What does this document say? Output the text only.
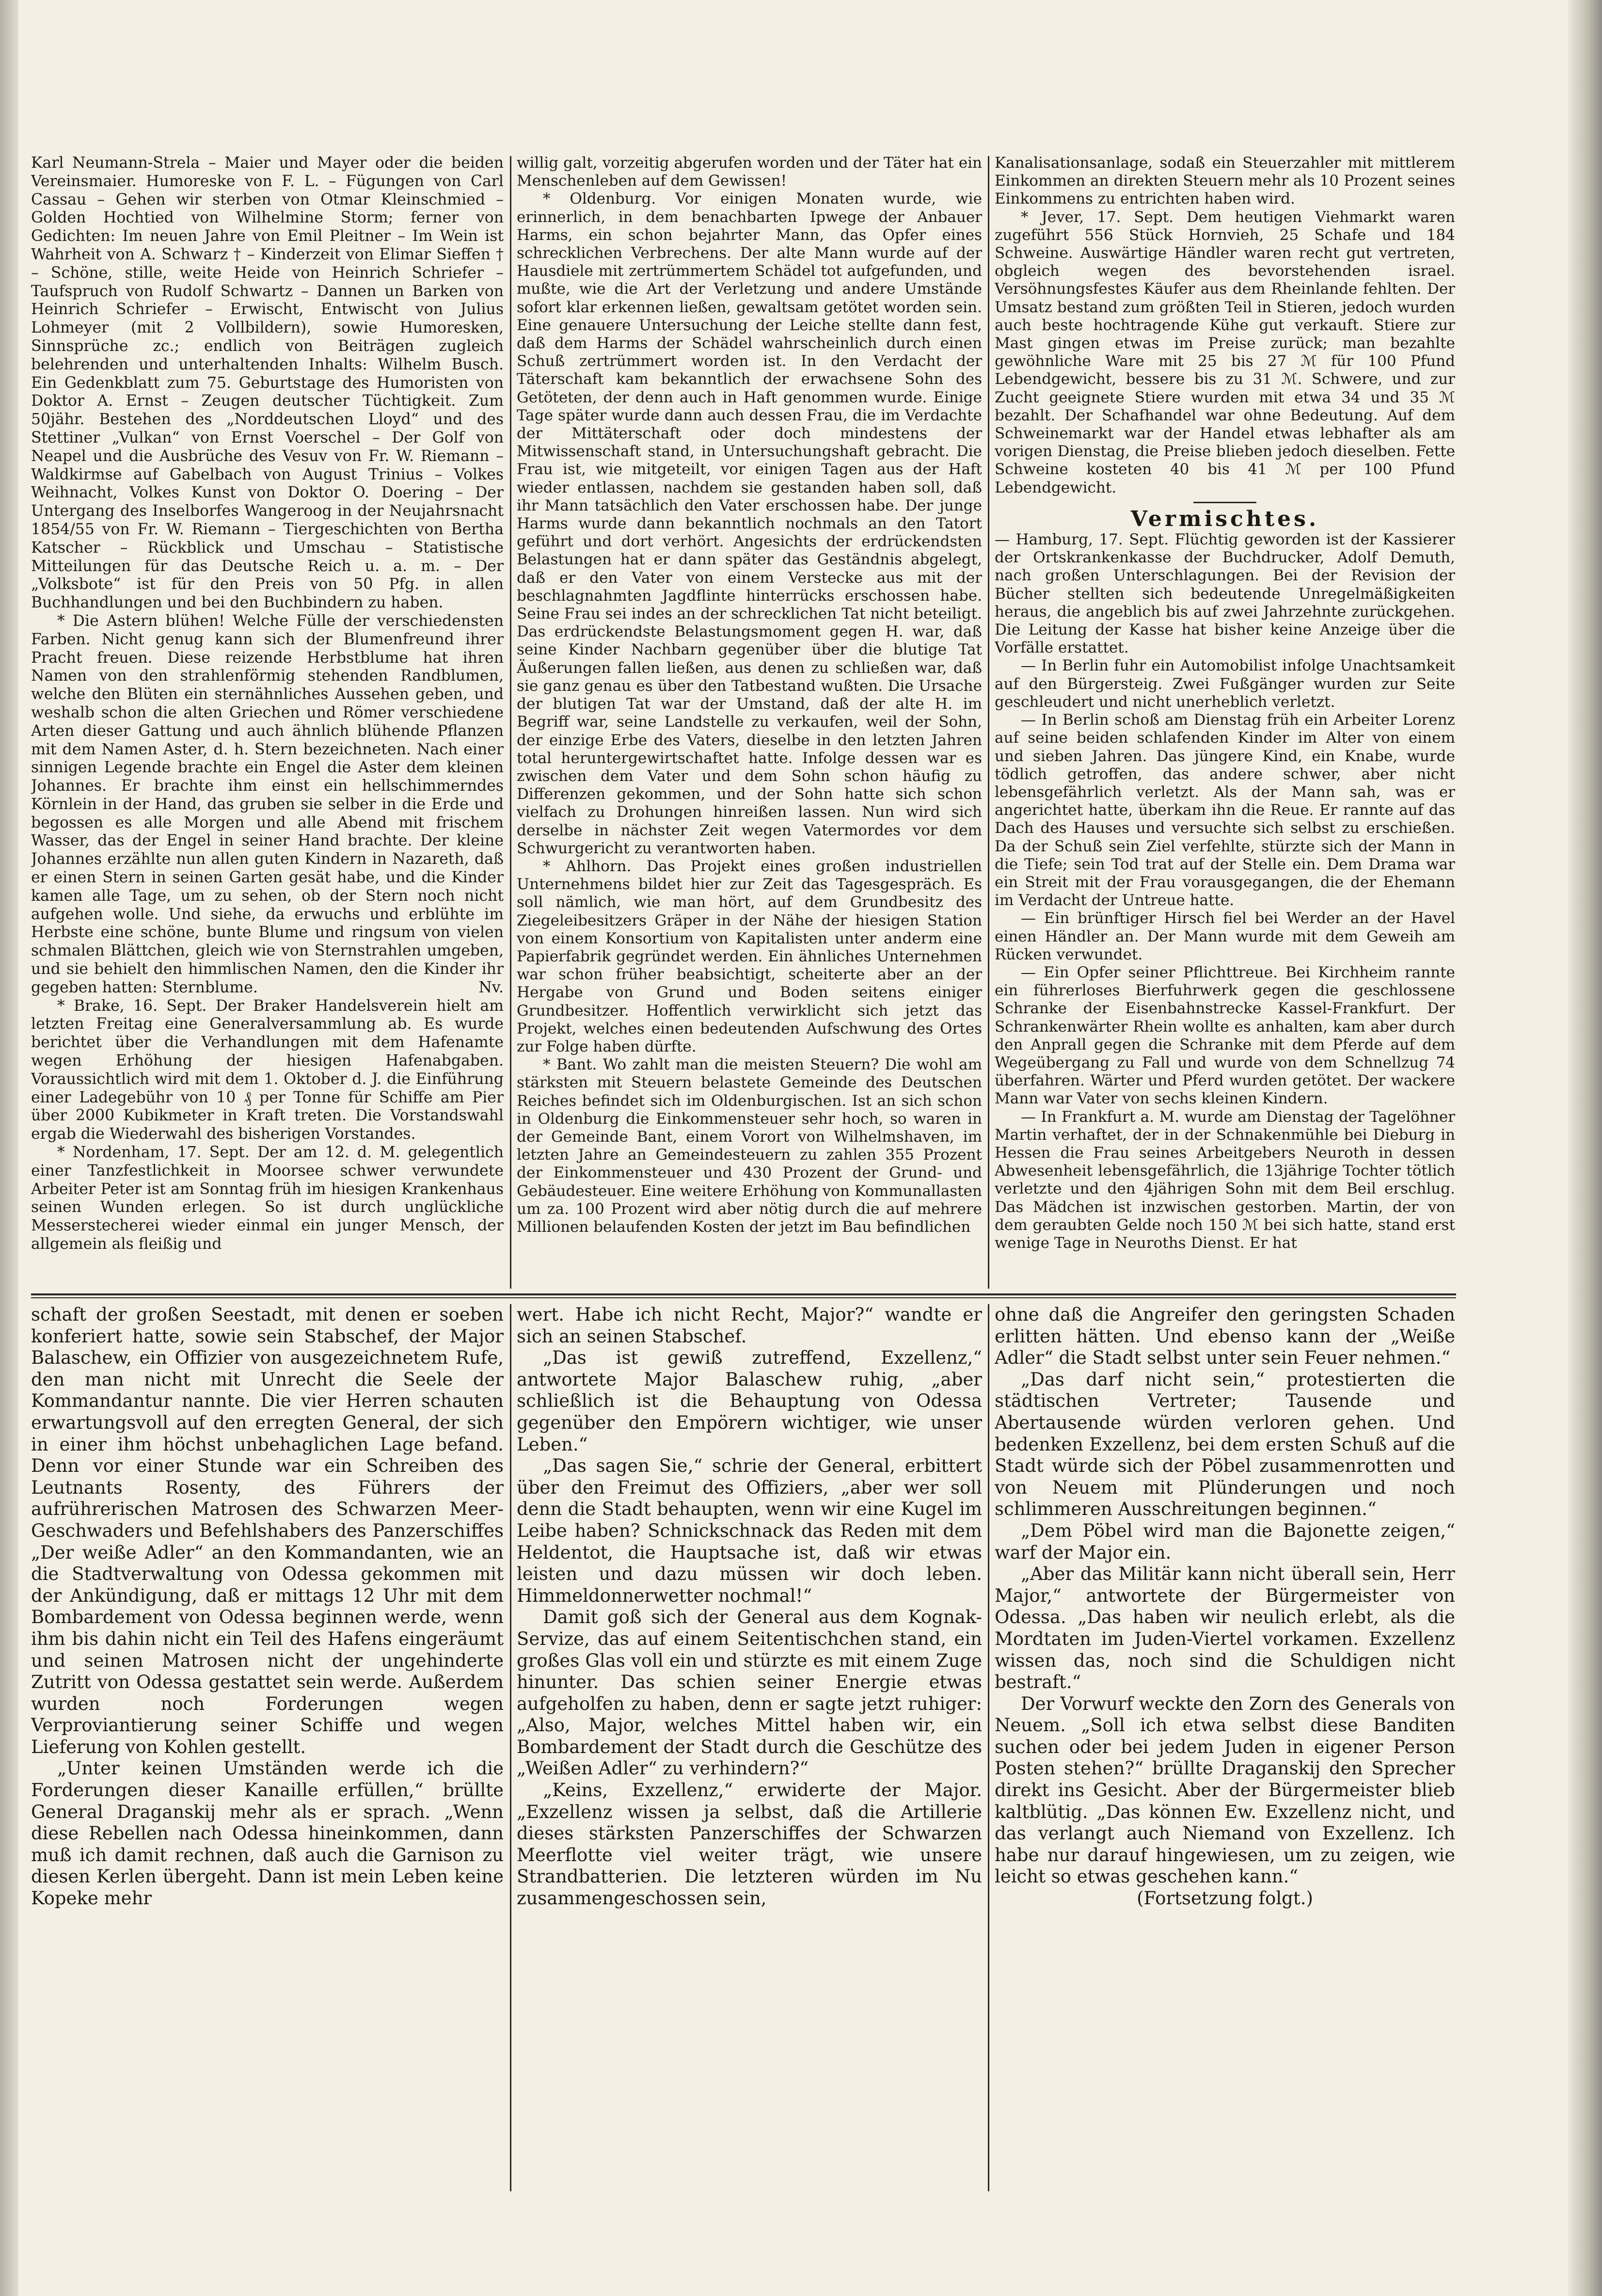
Karl Neumann-Strela – Maier und Mayer oder die beiden Vereinsmaier. Humoreske von F. L. – Fügungen von Carl Cassau – Gehen wir sterben von Otmar Kleinschmied – Golden Hochtied von Wilhelmine Storm; ferner von Gedichten: Im neuen Jahre von Emil Pleitner – Im Wein ist Wahrheit von A. Schwarz † – Kinderzeit von Elimar Sieffen † – Schöne, stille, weite Heide von Heinrich Schriefer – Taufspruch von Rudolf Schwartz – Dannen un Barken von Heinrich Schriefer – Erwischt, Entwischt von Julius Lohmeyer (mit 2 Vollbildern), sowie Humoresken, Sinnsprüche zc.; endlich von Beiträgen zugleich belehrenden und unterhaltenden Inhalts: Wilhelm Busch. Ein Gedenkblatt zum 75. Geburtstage des Humoristen von Doktor A. Ernst – Zeugen deutscher Tüchtigkeit. Zum 50jähr. Bestehen des „Norddeutschen Lloyd“ und des Stettiner „Vulkan“ von Ernst Voerschel – Der Golf von Neapel und die Ausbrüche des Vesuv von Fr. W. Riemann – Waldkirmse auf Gabelbach von August Trinius – Volkes Weihnacht, Volkes Kunst von Doktor O. Doering – Der Untergang des Inselborfes Wangeroog in der Neujahrsnacht 1854/55 von Fr. W. Riemann – Tiergeschichten von Bertha Katscher – Rückblick und Umschau – Statistische Mitteilungen für das Deutsche Reich u. a. m. – Der „Volksbote“ ist für den Preis von 50 Pfg. in allen Buchhandlungen und bei den Buchbindern zu haben.

* Die Astern blühen! Welche Fülle der verschiedensten Farben. Nicht genug kann sich der Blumenfreund ihrer Pracht freuen. Diese reizende Herbstblume hat ihren Namen von den strahlenförmig stehenden Randblumen, welche den Blüten ein sternähnliches Aussehen geben, und weshalb schon die alten Griechen und Römer verschiedene Arten dieser Gattung und auch ähnlich blühende Pflanzen mit dem Namen Aster, d. h. Stern bezeichneten. Nach einer sinnigen Legende brachte ein Engel die Aster dem kleinen Johannes. Er brachte ihm einst ein hellschimmerndes Körnlein in der Hand, das gruben sie selber in die Erde und begossen es alle Morgen und alle Abend mit frischem Wasser, das der Engel in seiner Hand brachte. Der kleine Johannes erzählte nun allen guten Kindern in Nazareth, daß er einen Stern in seinen Garten gesät habe, und die Kinder kamen alle Tage, um zu sehen, ob der Stern noch nicht aufgehen wolle. Und siehe, da erwuchs und erblühte im Herbste eine schöne, bunte Blume und ringsum von vielen schmalen Blättchen, gleich wie von Sternstrahlen umgeben, und sie behielt den himmlischen Namen, den die Kinder ihr gegeben hatten: Sternblume.	Nv.

* Brake, 16. Sept. Der Braker Handelsverein hielt am letzten Freitag eine Generalversammlung ab. Es wurde berichtet über die Verhandlungen mit dem Hafenamte wegen Erhöhung der hiesigen Hafenabgaben. Voraussichtlich wird mit dem 1. Oktober d. J. die Einführung einer Ladegebühr von 10 ₰ per Tonne für Schiffe am Pier über 2000 Kubikmeter in Kraft treten. Die Vorstandswahl ergab die Wiederwahl des bisherigen Vorstandes.

* Nordenham, 17. Sept. Der am 12. d. M. gelegentlich einer Tanzfestlichkeit in Moorsee schwer verwundete Arbeiter Peter ist am Sonntag früh im hiesigen Krankenhaus seinen Wunden erlegen. So ist durch unglückliche Messerstecherei wieder einmal ein junger Mensch, der allgemein als fleißig und

willig galt, vorzeitig abgerufen worden und der Täter hat ein Menschenleben auf dem Gewissen!

* Oldenburg. Vor einigen Monaten wurde, wie erinnerlich, in dem benachbarten Ipwege der Anbauer Harms, ein schon bejahrter Mann, das Opfer eines schrecklichen Verbrechens. Der alte Mann wurde auf der Hausdiele mit zertrümmertem Schädel tot aufgefunden, und mußte, wie die Art der Verletzung und andere Umstände sofort klar erkennen ließen, gewaltsam getötet worden sein. Eine genauere Untersuchung der Leiche stellte dann fest, daß dem Harms der Schädel wahrscheinlich durch einen Schuß zertrümmert worden ist. In den Verdacht der Täterschaft kam bekanntlich der erwachsene Sohn des Getöteten, der denn auch in Haft genommen wurde. Einige Tage später wurde dann auch dessen Frau, die im Verdachte der Mittäterschaft oder doch mindestens der Mitwissenschaft stand, in Untersuchungshaft gebracht. Die Frau ist, wie mitgeteilt, vor einigen Tagen aus der Haft wieder entlassen, nachdem sie gestanden haben soll, daß ihr Mann tatsächlich den Vater erschossen habe. Der junge Harms wurde dann bekanntlich nochmals an den Tatort geführt und dort verhört. Angesichts der erdrückendsten Belastungen hat er dann später das Geständnis abgelegt, daß er den Vater von einem Verstecke aus mit der beschlagnahmten Jagdflinte hinterrücks erschossen habe. Seine Frau sei indes an der schrecklichen Tat nicht beteiligt. Das erdrückendste Belastungsmoment gegen H. war, daß seine Kinder Nachbarn gegenüber über die blutige Tat Äußerungen fallen ließen, aus denen zu schließen war, daß sie ganz genau es über den Tatbestand wußten. Die Ursache der blutigen Tat war der Umstand, daß der alte H. im Begriff war, seine Landstelle zu verkaufen, weil der Sohn, der einzige Erbe des Vaters, dieselbe in den letzten Jahren total heruntergewirtschaftet hatte. Infolge dessen war es zwischen dem Vater und dem Sohn schon häufig zu Differenzen gekommen, und der Sohn hatte sich schon vielfach zu Drohungen hinreißen lassen. Nun wird sich derselbe in nächster Zeit wegen Vatermordes vor dem Schwurgericht zu verantworten haben.

* Ahlhorn. Das Projekt eines großen industriellen Unternehmens bildet hier zur Zeit das Tagesgespräch. Es soll nämlich, wie man hört, auf dem Grundbesitz des Ziegeleibesitzers Gräper in der Nähe der hiesigen Station von einem Konsortium von Kapitalisten unter anderm eine Papierfabrik gegründet werden. Ein ähnliches Unternehmen war schon früher beabsichtigt, scheiterte aber an der Hergabe von Grund und Boden seitens einiger Grundbesitzer. Hoffentlich verwirklicht sich jetzt das Projekt, welches einen bedeutenden Aufschwung des Ortes zur Folge haben dürfte.

* Bant. Wo zahlt man die meisten Steuern? Die wohl am stärksten mit Steuern belastete Gemeinde des Deutschen Reiches befindet sich im Oldenburgischen. Ist an sich schon in Oldenburg die Einkommensteuer sehr hoch, so waren in der Gemeinde Bant, einem Vorort von Wilhelmshaven, im letzten Jahre an Gemeindesteuern zu zahlen 355 Prozent der Einkommensteuer und 430 Prozent der Grund- und Gebäudesteuer. Eine weitere Erhöhung von Kommunallasten um za. 100 Prozent wird aber nötig durch die auf mehrere Millionen belaufenden Kosten der jetzt im Bau befindlichen

Kanalisationsanlage, sodaß ein Steuerzahler mit mittlerem Einkommen an direkten Steuern mehr als 10 Prozent seines Einkommens zu entrichten haben wird.

* Jever, 17. Sept. Dem heutigen Viehmarkt waren zugeführt 556 Stück Hornvieh, 25 Schafe und 184 Schweine. Auswärtige Händler waren recht gut vertreten, obgleich wegen des bevorstehenden israel. Versöhnungsfestes Käufer aus dem Rheinlande fehlten. Der Umsatz bestand zum größten Teil in Stieren, jedoch wurden auch beste hochtragende Kühe gut verkauft. Stiere zur Mast gingen etwas im Preise zurück; man bezahlte gewöhnliche Ware mit 25 bis 27 ℳ für 100 Pfund Lebendgewicht, bessere bis zu 31 ℳ. Schwere, und zur Zucht geeignete Stiere wurden mit etwa 34 und 35 ℳ bezahlt. Der Schafhandel war ohne Bedeutung. Auf dem Schweinemarkt war der Handel etwas lebhafter als am vorigen Dienstag, die Preise blieben jedoch dieselben. Fette Schweine kosteten 40 bis 41 ℳ per 100 Pfund Lebendgewicht.

Vermischtes.

— Hamburg, 17. Sept. Flüchtig geworden ist der Kassierer der Ortskrankenkasse der Buchdrucker, Adolf Demuth, nach großen Unterschlagungen. Bei der Revision der Bücher stellten sich bedeutende Unregelmäßigkeiten heraus, die angeblich bis auf zwei Jahrzehnte zurückgehen. Die Leitung der Kasse hat bisher keine Anzeige über die Vorfälle erstattet.

— In Berlin fuhr ein Automobilist infolge Unachtsamkeit auf den Bürgersteig. Zwei Fußgänger wurden zur Seite geschleudert und nicht unerheblich verletzt.

— In Berlin schoß am Dienstag früh ein Arbeiter Lorenz auf seine beiden schlafenden Kinder im Alter von einem und sieben Jahren. Das jüngere Kind, ein Knabe, wurde tödlich getroffen, das andere schwer, aber nicht lebensgefährlich verletzt. Als der Mann sah, was er angerichtet hatte, überkam ihn die Reue. Er rannte auf das Dach des Hauses und versuchte sich selbst zu erschießen. Da der Schuß sein Ziel verfehlte, stürzte sich der Mann in die Tiefe; sein Tod trat auf der Stelle ein. Dem Drama war ein Streit mit der Frau vorausgegangen, die der Ehemann im Verdacht der Untreue hatte.

— Ein brünftiger Hirsch fiel bei Werder an der Havel einen Händler an. Der Mann wurde mit dem Geweih am Rücken verwundet.

— Ein Opfer seiner Pflichttreue. Bei Kirchheim rannte ein führerloses Bierfuhrwerk gegen die geschlossene Schranke der Eisenbahnstrecke Kassel-Frankfurt. Der Schrankenwärter Rhein wollte es anhalten, kam aber durch den Anprall gegen die Schranke mit dem Pferde auf dem Wegeübergang zu Fall und wurde von dem Schnellzug 74 überfahren. Wärter und Pferd wurden getötet. Der wackere Mann war Vater von sechs kleinen Kindern.

— In Frankfurt a. M. wurde am Dienstag der Tagelöhner Martin verhaftet, der in der Schnakenmühle bei Dieburg in Hessen die Frau seines Arbeitgebers Neuroth in dessen Abwesenheit lebensgefährlich, die 13jährige Tochter tötlich verletzte und den 4jährigen Sohn mit dem Beil erschlug. Das Mädchen ist inzwischen gestorben. Martin, der von dem geraubten Gelde noch 150 ℳ bei sich hatte, stand erst wenige Tage in Neuroths Dienst. Er hat

schaft der großen Seestadt, mit denen er soeben konferiert hatte, sowie sein Stabschef, der Major Balaschew, ein Offizier von ausgezeichnetem Rufe, den man nicht mit Unrecht die Seele der Kommandantur nannte. Die vier Herren schauten erwartungsvoll auf den erregten General, der sich in einer ihm höchst unbehaglichen Lage befand. Denn vor einer Stunde war ein Schreiben des Leutnants Rosenty, des Führers der aufrührerischen Matrosen des Schwarzen Meer-Geschwaders und Befehlshabers des Panzerschiffes „Der weiße Adler“ an den Kommandanten, wie an die Stadtverwaltung von Odessa gekommen mit der Ankündigung, daß er mittags 12 Uhr mit dem Bombardement von Odessa beginnen werde, wenn ihm bis dahin nicht ein Teil des Hafens eingeräumt und seinen Matrosen nicht der ungehinderte Zutritt von Odessa gestattet sein werde. Außerdem wurden noch Forderungen wegen Verproviantierung seiner Schiffe und wegen Lieferung von Kohlen gestellt.

„Unter keinen Umständen werde ich die Forderungen dieser Kanaille erfüllen,“ brüllte General Draganskij mehr als er sprach. „Wenn diese Rebellen nach Odessa hineinkommen, dann muß ich damit rechnen, daß auch die Garnison zu diesen Kerlen übergeht. Dann ist mein Leben keine Kopeke mehr

wert. Habe ich nicht Recht, Major?“ wandte er sich an seinen Stabschef.

„Das ist gewiß zutreffend, Exzellenz,“ antwortete Major Balaschew ruhig, „aber schließlich ist die Behauptung von Odessa gegenüber den Empörern wichtiger, wie unser Leben.“

„Das sagen Sie,“ schrie der General, erbittert über den Freimut des Offiziers, „aber wer soll denn die Stadt behaupten, wenn wir eine Kugel im Leibe haben? Schnickschnack das Reden mit dem Heldentot, die Hauptsache ist, daß wir etwas leisten und dazu müssen wir doch leben. Himmeldonnerwetter nochmal!“

Damit goß sich der General aus dem Kognak-Servize, das auf einem Seitentischchen stand, ein großes Glas voll ein und stürzte es mit einem Zuge hinunter. Das schien seiner Energie etwas aufgeholfen zu haben, denn er sagte jetzt ruhiger: „Also, Major, welches Mittel haben wir, ein Bombardement der Stadt durch die Geschütze des „Weißen Adler“ zu verhindern?“

„Keins, Exzellenz,“ erwiderte der Major. „Exzellenz wissen ja selbst, daß die Artillerie dieses stärksten Panzerschiffes der Schwarzen Meerflotte viel weiter trägt, wie unsere Strandbatterien. Die letzteren würden im Nu zusammengeschossen sein,

ohne daß die Angreifer den geringsten Schaden erlitten hätten. Und ebenso kann der „Weiße Adler“ die Stadt selbst unter sein Feuer nehmen.“

„Das darf nicht sein,“ protestierten die städtischen Vertreter; Tausende und Abertausende würden verloren gehen. Und bedenken Exzellenz, bei dem ersten Schuß auf die Stadt würde sich der Pöbel zusammenrotten und von Neuem mit Plünderungen und noch schlimmeren Ausschreitungen beginnen.“

„Dem Pöbel wird man die Bajonette zeigen,“ warf der Major ein.

„Aber das Militär kann nicht überall sein, Herr Major,“ antwortete der Bürgermeister von Odessa. „Das haben wir neulich erlebt, als die Mordtaten im Juden-Viertel vorkamen. Exzellenz wissen das, noch sind die Schuldigen nicht bestraft.“

Der Vorwurf weckte den Zorn des Generals von Neuem. „Soll ich etwa selbst diese Banditen suchen oder bei jedem Juden in eigener Person Posten stehen?“ brüllte Draganskij den Sprecher direkt ins Gesicht. Aber der Bürgermeister blieb kaltblütig. „Das können Ew. Exzellenz nicht, und das verlangt auch Niemand von Exzellenz. Ich habe nur darauf hingewiesen, um zu zeigen, wie leicht so etwas geschehen kann.“

(Fortsetzung folgt.)
